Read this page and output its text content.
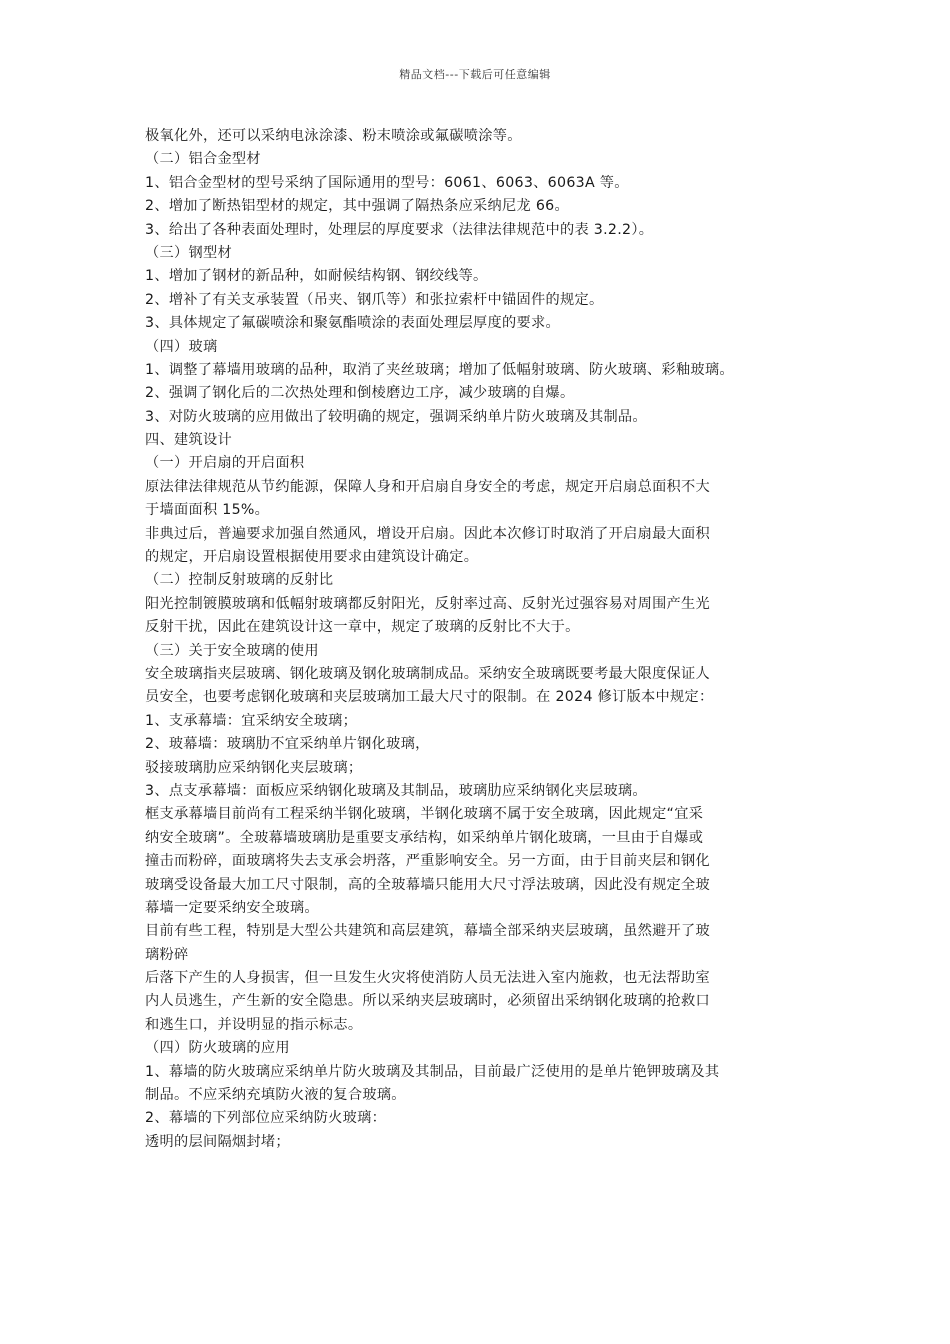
精品文档---下载后可任意编辑
极氧化外，还可以采纳电泳涂漆、粉末喷涂或氟碳喷涂等。
（二）铝合金型材
1、铝合金型材的型号采纳了国际通用的型号：6061、6063、6063A 等。
2、增加了断热铝型材的规定，其中强调了隔热条应采纳尼龙 66。
3、给出了各种表面处理时，处理层的厚度要求（法律法律规范中的表 3.2.2）。
（三）钢型材
1、增加了钢材的新品种，如耐候结构钢、钢绞线等。
2、增补了有关支承装置（吊夹、钢爪等）和张拉索杆中锚固件的规定。
3、具体规定了氟碳喷涂和聚氨酯喷涂的表面处理层厚度的要求。
（四）玻璃
1、调整了幕墙用玻璃的品种，取消了夹丝玻璃；增加了低幅射玻璃、防火玻璃、彩釉玻璃。
2、强调了钢化后的二次热处理和倒棱磨边工序，减少玻璃的自爆。
3、对防火玻璃的应用做出了较明确的规定，强调采纳单片防火玻璃及其制品。
四、建筑设计
（一）开启扇的开启面积
原法律法律规范从节约能源，保障人身和开启扇自身安全的考虑，规定开启扇总面积不大
于墙面面积 15%。
非典过后，普遍要求加强自然通风，增设开启扇。因此本次修订时取消了开启扇最大面积
的规定，开启扇设置根据使用要求由建筑设计确定。
（二）控制反射玻璃的反射比
阳光控制镀膜玻璃和低幅射玻璃都反射阳光，反射率过高、反射光过强容易对周围产生光
反射干扰，因此在建筑设计这一章中，规定了玻璃的反射比不大于。
（三）关于安全玻璃的使用
安全玻璃指夹层玻璃、钢化玻璃及钢化玻璃制成品。采纳安全玻璃既要考最大限度保证人
员安全，也要考虑钢化玻璃和夹层玻璃加工最大尺寸的限制。在 2024 修订版本中规定：
1、支承幕墙：宜采纳安全玻璃；
2、玻幕墙：玻璃肋不宜采纳单片钢化玻璃，
驳接玻璃肋应采纳钢化夹层玻璃；
3、点支承幕墙：面板应采纳钢化玻璃及其制品，玻璃肋应采纳钢化夹层玻璃。
框支承幕墙目前尚有工程采纳半钢化玻璃，半钢化玻璃不属于安全玻璃，因此规定“宜采
纳安全玻璃”。全玻幕墙玻璃肋是重要支承结构，如采纳单片钢化玻璃，一旦由于自爆或
撞击而粉碎，面玻璃将失去支承会坍落，严重影响安全。另一方面，由于目前夹层和钢化
玻璃受设备最大加工尺寸限制，高的全玻幕墙只能用大尺寸浮法玻璃，因此没有规定全玻
幕墙一定要采纳安全玻璃。
目前有些工程，特别是大型公共建筑和高层建筑，幕墙全部采纳夹层玻璃，虽然避开了玻
璃粉碎
后落下产生的人身损害，但一旦发生火灾将使消防人员无法进入室内施救，也无法帮助室
内人员逃生，产生新的安全隐患。所以采纳夹层玻璃时，必须留出采纳钢化玻璃的抢救口
和逃生口，并设明显的指示标志。
（四）防火玻璃的应用
1、幕墙的防火玻璃应采纳单片防火玻璃及其制品，目前最广泛使用的是单片铯钾玻璃及其
制品。不应采纳充填防火液的复合玻璃。
2、幕墙的下列部位应采纳防火玻璃：
透明的层间隔烟封堵；
